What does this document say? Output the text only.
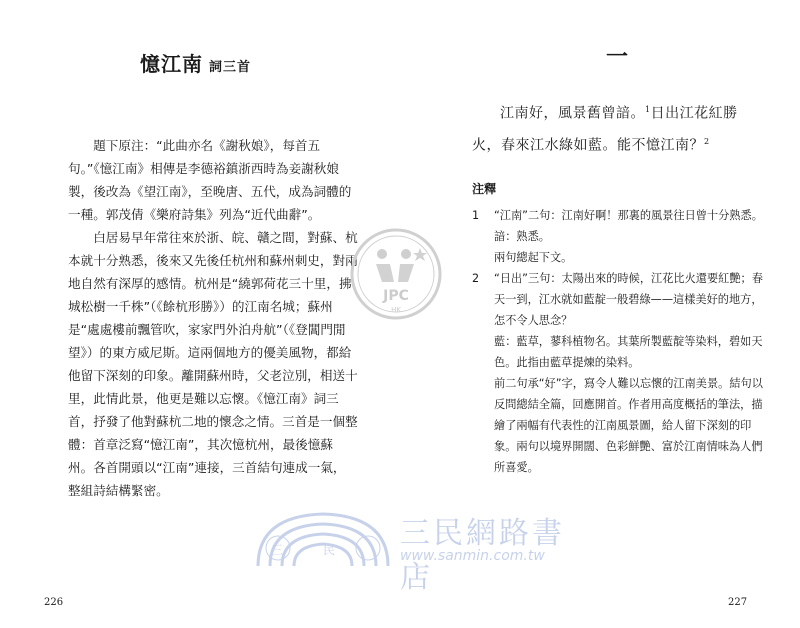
憶江南 詞三首

題下原注：“此曲亦名《謝秋娘》，每首五句。”《憶江南》相傳是李德裕鎮浙西時為妾謝秋娘製，後改為《望江南》，至晚唐、五代，成為詞體的一種。郭茂倩《樂府詩集》列為“近代曲辭”。

白居易早年常往來於浙、皖、贛之間，對蘇、杭本就十分熟悉，後來又先後任杭州和蘇州刺史，對兩地自然有深厚的感情。杭州是“繞郭荷花三十里，拂城松樹一千株”（《餘杭形勝》）的江南名城；蘇州是“處處樓前飄管吹，家家門外泊舟航”（《登閶門閒望》）的東方威尼斯。這兩個地方的優美風物，都給他留下深刻的印象。離開蘇州時，父老泣別，相送十里，此情此景，他更是難以忘懷。《憶江南》詞三首，抒發了他對蘇杭二地的懷念之情。三首是一個整體：首章泛寫“憶江南”，其次憶杭州，最後憶蘇州。各首開頭以“江南”連接，三首結句連成一氣，整組詩結構緊密。

226
一

江南好，風景舊曾諳。$^1$日出江花紅勝火，春來江水綠如藍。能不憶江南？$^2$

注釋
1 “江南”二句：江南好啊！那裏的風景往日曾十分熟悉。
諳：熟悉。
兩句總起下文。
2 “日出”三句：太陽出來的時候，江花比火還要紅艷；春天一到，江水就如藍靛一般碧綠——這樣美好的地方，怎不令人思念？
藍：藍草，蓼科植物名。其葉所製藍靛等染料，碧如天色。此指由藍草提煉的染料。
前二句承“好”字，寫令人難以忘懷的江南美景。結句以反問總結全篇，回應開首。作者用高度概括的筆法，描繪了兩幅有代表性的江南風景圖，給人留下深刻的印象。兩句以境界開闊、色彩鮮艷、富於江南情味為人們所喜愛。
227
JPC
HK
三民 三民網路書店
www.sanmin.com.tw
